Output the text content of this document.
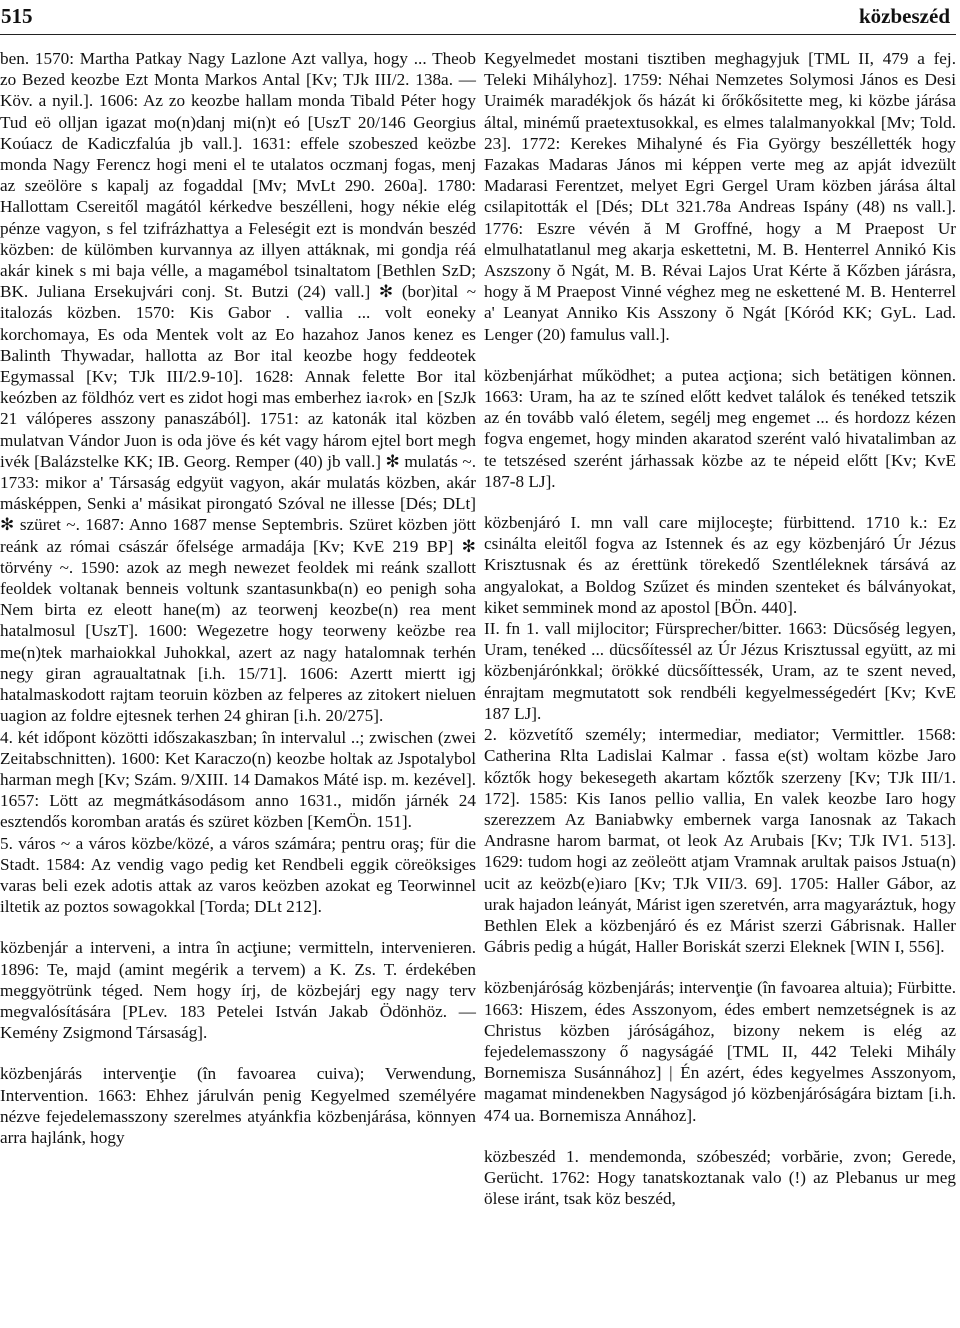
515	közbeszéd

ben. 1570: Martha Patkay Nagy Lazlone Azt vallya, hogy ... Theob zo Bezed keozbe Ezt Monta Markos Antal [Kv; TJk III/2. 138a. — Köv. a nyil.]. 1606: Az zo keozbe hallam monda Tibald Péter hogy Tud eö olljan igazat mo(n)danj mi(n)t eó [UszT 20/146 Georgius Koúacz de Kadiczfalúa jb vall.]. 1631: effele szobeszed keözbe monda Nagy Ferencz hogi meni el te utalatos oczmanj fogas, menj az szeölöre s kapalj az fogaddal [Mv; MvLt 290. 260a]. 1780: Hallottam Csereitől magától kérkedve beszélleni, hogy nékie elég pénze vagyon, s fel tzifrázhattya a Feleségit ezt is mondván beszéd közben: de külömben kurvannya az illyen attáknak, mi gondja réá akár kinek s mi baja vélle, a magamébol tsinaltatom [Bethlen SzD; BK. Juliana Ersekujvári conj. St. Butzi (24) vall.] ✻ (bor)ital ~ italozás közben. 1570: Kis Gabor . vallia ... volt eoneky korchomaya, Es oda Mentek volt az Eo hazahoz Janos kenez es Balinth Thywadar, hallotta az Bor ital keozbe hogy feddeotek Egymassal [Kv; TJk III/2.9-10]. 1628: Annak felette Bor ital keózben az földhóz vert es zidot hogi mas emberhez ia‹rok› en [SzJk 21 válóperes asszony panaszából]. 1751: az katonák ital közben mulatvan Vándor Juon is oda jöve és két vagy három ejtel bort megh ivék [Balázstelke KK; IB. Georg. Remper (40) jb vall.] ✻ mulatás ~. 1733: mikor a' Társaság edgyüt vagyon, akár mulatás közben, akár másképpen, Senki a' másikat pirongató Szóval ne illesse [Dés; DLt] ✻ szüret ~. 1687: Anno 1687 mense Septembris. Szüret közben jött reánk az római császár őfelsége armadája [Kv; KvE 219 BP] ✻ törvény ~. 1590: azok az megh newezet feoldek mi reánk szallott feoldek voltanak benneis voltunk szantasunkba(n) eo penigh soha Nem birta ez eleott hane(m) az teorwenj keozbe(n) rea ment hatalmosul [UszT]. 1600: Wegezetre hogy teorweny keözbe rea me(n)tek marhaiokkal Juhokkal, azert az nagy hatalomnak terhén negy giran agraualtatnak [i.h. 15/71]. 1606: Azertt miertt igj hatalmaskodott rajtam teoruin közben az felperes az zitokert nieluen uagion az foldre ejtesnek terhen 24 ghiran [i.h. 20/275].

4. két időpont közötti időszakaszban; în intervalul ..; zwischen (zwei Zeitabschnitten). 1600: Ket Karaczo(n) keozbe holtak az Jspotalybol harman megh [Kv; Szám. 9/XIII. 14 Damakos Máté isp. m. kezével]. 1657: Lött az megmátkásodásom anno 1631., midőn járnék 24 esztendős koromban aratás és szüret közben [KemÖn. 151].

5. város ~ a város közbe/közé, a város számára; pentru oraş; für die Stadt. 1584: Az vendig vago pedig ket Rendbeli eggik cöreöksiges varas beli ezek adotis attak az varos keözben azokat eg Teorwinnel iltetik az poztos sowagokkal [Torda; DLt 212].

közbenjár a interveni, a intra în acţiune; vermitteln, intervenieren. 1896: Te, majd (amint megérik a tervem) a K. Zs. T. érdekében meggyötrünk téged. Nem hogy írj, de közbejárj egy nagy terv megvalósítására [PLev. 183 Petelei István Jakab Ödönhöz. — Kemény Zsigmond Társaság].

közbenjárás intervenţie (în favoarea cuiva); Verwendung, Intervention. 1663: Ehhez járulván penig Kegyelmed személyére nézve fejedelemasszony szerelmes atyánkfia közbenjárása, könnyen arra hajlánk, hogy

Kegyelmedet mostani tisztiben meghagyjuk [TML II, 479 a fej. Teleki Mihályhoz]. 1759: Néhai Nemzetes Solymosi János es Desi Uraimék maradékjok ős házát ki őrőkősitette meg, ki közbe járása által, minémű praetextusokkal, es elmes talalmanyokkal [Mv; Told. 23]. 1772: Kerekes Mihalyné és Fia György beszéllették hogy Fazakas Madaras János mi képpen verte meg az apját idvezült Madarasi Ferentzet, melyet Egri Gergel Uram közben járása által csilapitották el [Dés; DLt 321.78a Andreas Ispány (48) ns vall.]. 1776: Eszre vévén ă M Groffné, hogy a M Praepost Ur elmulhatatlanul meg akarja eskettetni, M. B. Henterrel Annikó Kis Aszszony ŏ Ngát, M. B. Révai Lajos Urat Kérte ă Kőzben járásra, hogy ă M Praepost Vinné véghez meg ne eskettené M. B. Henterrel a' Leanyat Anniko Kis Asszony ŏ Ngát [Kóród KK; GyL. Lad. Lenger (20) famulus vall.].

közbenjárhat működhet; a putea acţiona; sich betätigen können. 1663: Uram, ha az te színed előtt kedvet találok és tenéked tetszik az én tovább való életem, segélj meg engemet ... és hordozz kézen fogva engemet, hogy minden akaratod szerént való hivatalimban az te tetszésed szerént járhassak közbe az te népeid előtt [Kv; KvE 187-8 LJ].

közbenjáró I. mn vall care mijloceşte; fürbittend. 1710 k.: Ez csinálta eleitől fogva az Istennek és az egy közbenjáró Úr Jézus Krisztusnak és az érettünk törekedő Szentléleknek társává az angyalokat, a Boldog Szűzet és minden szenteket és bálványokat, kiket semminek mond az apostol [BÖn. 440].

II. fn 1. vall mijlocitor; Fürsprecher/bitter. 1663: Dücsőség legyen, Uram, tenéked ... dücsőítessél az Úr Jézus Krisztussal együtt, az mi közbenjárónkkal; örökké dücsőíttessék, Uram, az te szent neved, énrajtam megmutatott sok rendbéli kegyelmességedért [Kv; KvE 187 LJ].

2. közvetítő személy; intermediar, mediator; Vermittler. 1568: Catherina Rlta Ladislai Kalmar . fassa e(st) woltam közbe Jaro kőztők hogy bekesegeth akartam kőztők szerzeny [Kv; TJk III/1. 172]. 1585: Kis Ianos pellio vallia, En valek keozbe Iaro hogy szerezzem Az Baniabwky embernek varga Ianosnak az Takach Andrasne harom barmat, ot leok Az Arubais [Kv; TJk IV1. 513]. 1629: tudom hogi az zeöleött atjam Vramnak arultak paisos Jstua(n) ucit az keözb(e)iaro [Kv; TJk VII/3. 69]. 1705: Haller Gábor, az urak hajadon leányát, Márist igen szeretvén, arra magyaráztuk, hogy Bethlen Elek a közbenjáró és ez Márist szerzi Gábrisnak. Haller Gábris pedig a húgát, Haller Boriskát szerzi Eleknek [WIN I, 556].

közbenjáróság közbenjárás; intervenţie (în favoarea altuia); Fürbitte. 1663: Hiszem, édes Asszonyom, édes embert nemzetségnek is az Christus közben járóságához, bizony nekem is elég az fejedelemasszony ő nagyságáé [TML II, 442 Teleki Mihály Bornemisza Susánnához] | Én azért, édes kegyelmes Asszonyom, magamat mindenekben Nagyságod jó közbenjáróságára biztam [i.h. 474 ua. Bornemisza Annához].

közbeszéd 1. mendemonda, szóbeszéd; vorbărie, zvon; Gerede, Gerücht. 1762: Hogy tanatskoztanak valo (!) az Plebanus ur meg ölese iránt, tsak köz beszéd,
